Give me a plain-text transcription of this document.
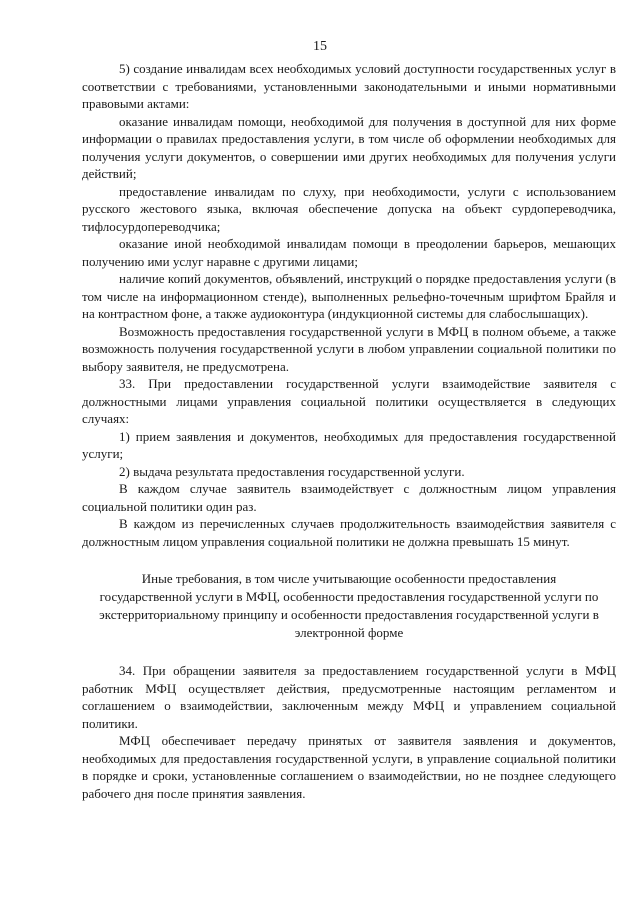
15

5) создание инвалидам всех необходимых условий доступности государственных услуг в соответствии с требованиями, установленными законодательными и иными нормативными правовыми актами:

оказание инвалидам помощи, необходимой для получения в доступной для них форме информации о правилах предоставления услуги, в том числе об оформлении необходимых для получения услуги документов, о совершении ими других необходимых для получения услуги действий;

предоставление инвалидам по слуху, при необходимости, услуги с использованием русского жестового языка, включая обеспечение допуска на объект сурдопереводчика, тифлосурдопереводчика;

оказание иной необходимой инвалидам помощи в преодолении барьеров, мешающих получению ими услуг наравне с другими лицами;

наличие копий документов, объявлений, инструкций о порядке предоставления услуги (в том числе на информационном стенде), выполненных рельефно-точечным шрифтом Брайля и на контрастном фоне, а также аудиоконтура (индукционной системы для слабослышащих).

Возможность предоставления государственной услуги в МФЦ в полном объеме, а также возможность получения государственной услуги в любом управлении социальной политики по выбору заявителя, не предусмотрена.

33. При предоставлении государственной услуги взаимодействие заявителя с должностными лицами управления социальной политики осуществляется в следующих случаях:

1) прием заявления и документов, необходимых для предоставления государственной услуги;

2) выдача результата предоставления государственной услуги.

В каждом случае заявитель взаимодействует с должностным лицом управления социальной политики один раз.

В каждом из перечисленных случаев продолжительность взаимодействия заявителя с должностным лицом управления социальной политики не должна превышать 15 минут.

Иные требования, в том числе учитывающие особенности предоставления государственной услуги в МФЦ, особенности предоставления государственной услуги по экстерриториальному принципу и особенности предоставления государственной услуги в электронной форме

34. При обращении заявителя за предоставлением государственной услуги в МФЦ работник МФЦ осуществляет действия, предусмотренные настоящим регламентом и соглашением о взаимодействии, заключенным между МФЦ и управлением социальной политики.

МФЦ обеспечивает передачу принятых от заявителя заявления и документов, необходимых для предоставления государственной услуги, в управление социальной политики в порядке и сроки, установленные соглашением о взаимодействии, но не позднее следующего рабочего дня после принятия заявления.
